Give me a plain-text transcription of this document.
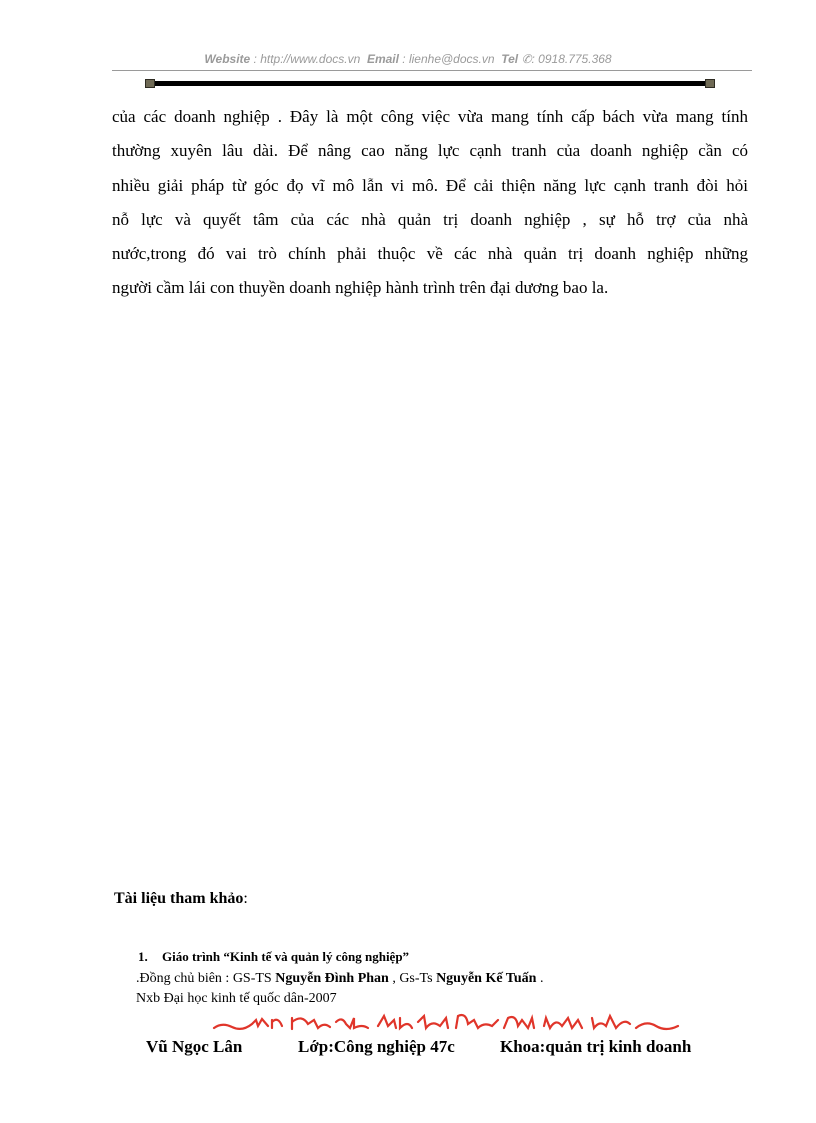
Website : http://www.docs.vn Email : lienhe@docs.vn Tel ✆: 0918.775.368
của các doanh nghiệp . Đây là một công việc vừa mang tính cấp bách vừa mang tính
thường xuyên lâu dài. Để nâng cao năng lực cạnh tranh của doanh nghiệp cần có
nhiều giải pháp từ góc đọ vĩ mô lẫn vi mô. Để cải thiện năng lực cạnh tranh đòi hỏi
nỗ lực và quyết tâm của các nhà quản trị doanh nghiệp , sự hỗ trợ của nhà
nước,trong đó vai trò chính phải thuộc về các nhà quản trị doanh nghiệp những
người cầm lái con thuyền doanh nghiệp hành trình trên đại dương bao la.
Tài liệu tham khảo:
1. Giáo trình “Kinh tế và quản lý công nghiệp”
.Đồng chủ biên : GS-TS Nguyễn Đình Phan , Gs-Ts Nguyễn Kế Tuấn .
Nxb Đại học kinh tế quốc dân-2007
Vũ Ngọc Lân	Lớp:Công nghiệp 47c	Khoa:quản trị kinh doanh
